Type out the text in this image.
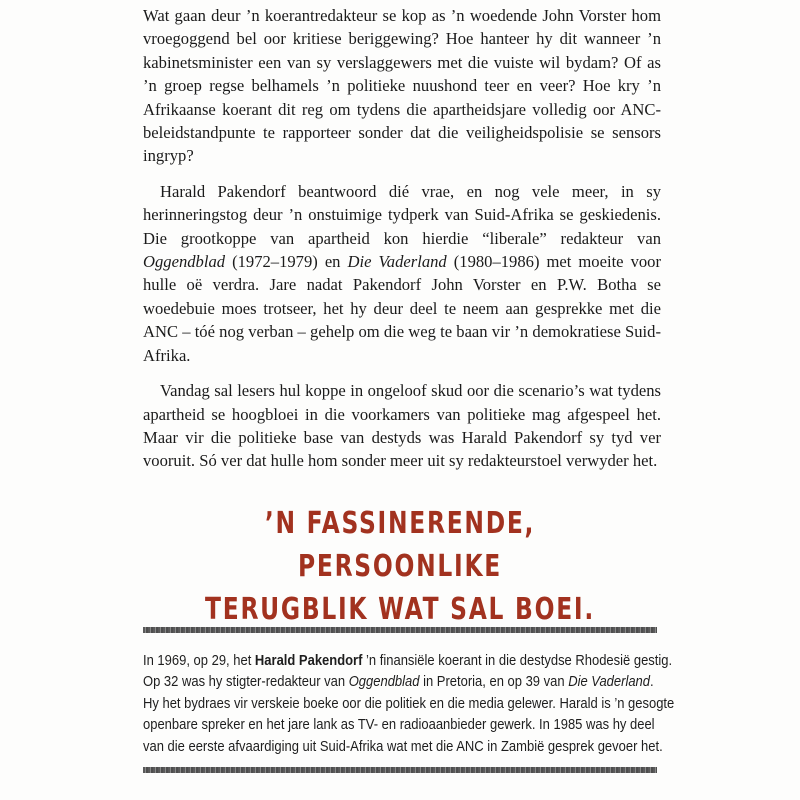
Wat gaan deur ’n koerantredakteur se kop as ’n woedende John Vorster hom vroegoggend bel oor kritiese beriggewing? Hoe hanteer hy dit wanneer ’n kabinetsminister een van sy verslaggewers met die vuiste wil bydam? Of as ’n groep regse belhamels ’n politieke nuushond teer en veer? Hoe kry ’n Afrikaanse koerant dit reg om tydens die apartheidsjare volledig oor ANC-beleidstandpunte te rapporteer sonder dat die veiligheidspolisie se sensors ingryp?

Harald Pakendorf beantwoord dié vrae, en nog vele meer, in sy herinneringstog deur ’n onstuimige tydperk van Suid-Afrika se geskiedenis. Die grootkoppe van apartheid kon hierdie “liberale” redakteur van Oggendblad (1972–1979) en Die Vaderland (1980–1986) met moeite voor hulle oë verdra. Jare nadat Pakendorf John Vorster en P.W. Botha se woedebuie moes trotseer, het hy deur deel te neem aan gesprekke met die ANC – tóé nog verban – gehelp om die weg te baan vir ’n demokratiese Suid-Afrika.

Vandag sal lesers hul koppe in ongeloof skud oor die scenario’s wat tydens apartheid se hoogbloei in die voorkamers van politieke mag afgespeel het. Maar vir die politieke base van destyds was Harald Pakendorf sy tyd ver vooruit. Só ver dat hulle hom sonder meer uit sy redakteurstoel verwyder het.

’N FASSINERENDE, PERSOONLIKE
TERUGBLIK WAT SAL BOEI.
In 1969, op 29, het Harald Pakendorf ’n finansiële koerant in die destydse Rhodesië gestig.
Op 32 was hy stigter-redakteur van Oggendblad in Pretoria, en op 39 van Die Vaderland.
Hy het bydraes vir verskeie boeke oor die politiek en die media gelewer. Harald is ’n gesogte
openbare spreker en het jare lank as TV- en radioaanbieder gewerk. In 1985 was hy deel
van die eerste afvaardiging uit Suid-Afrika wat met die ANC in Zambië gesprek gevoer het.
